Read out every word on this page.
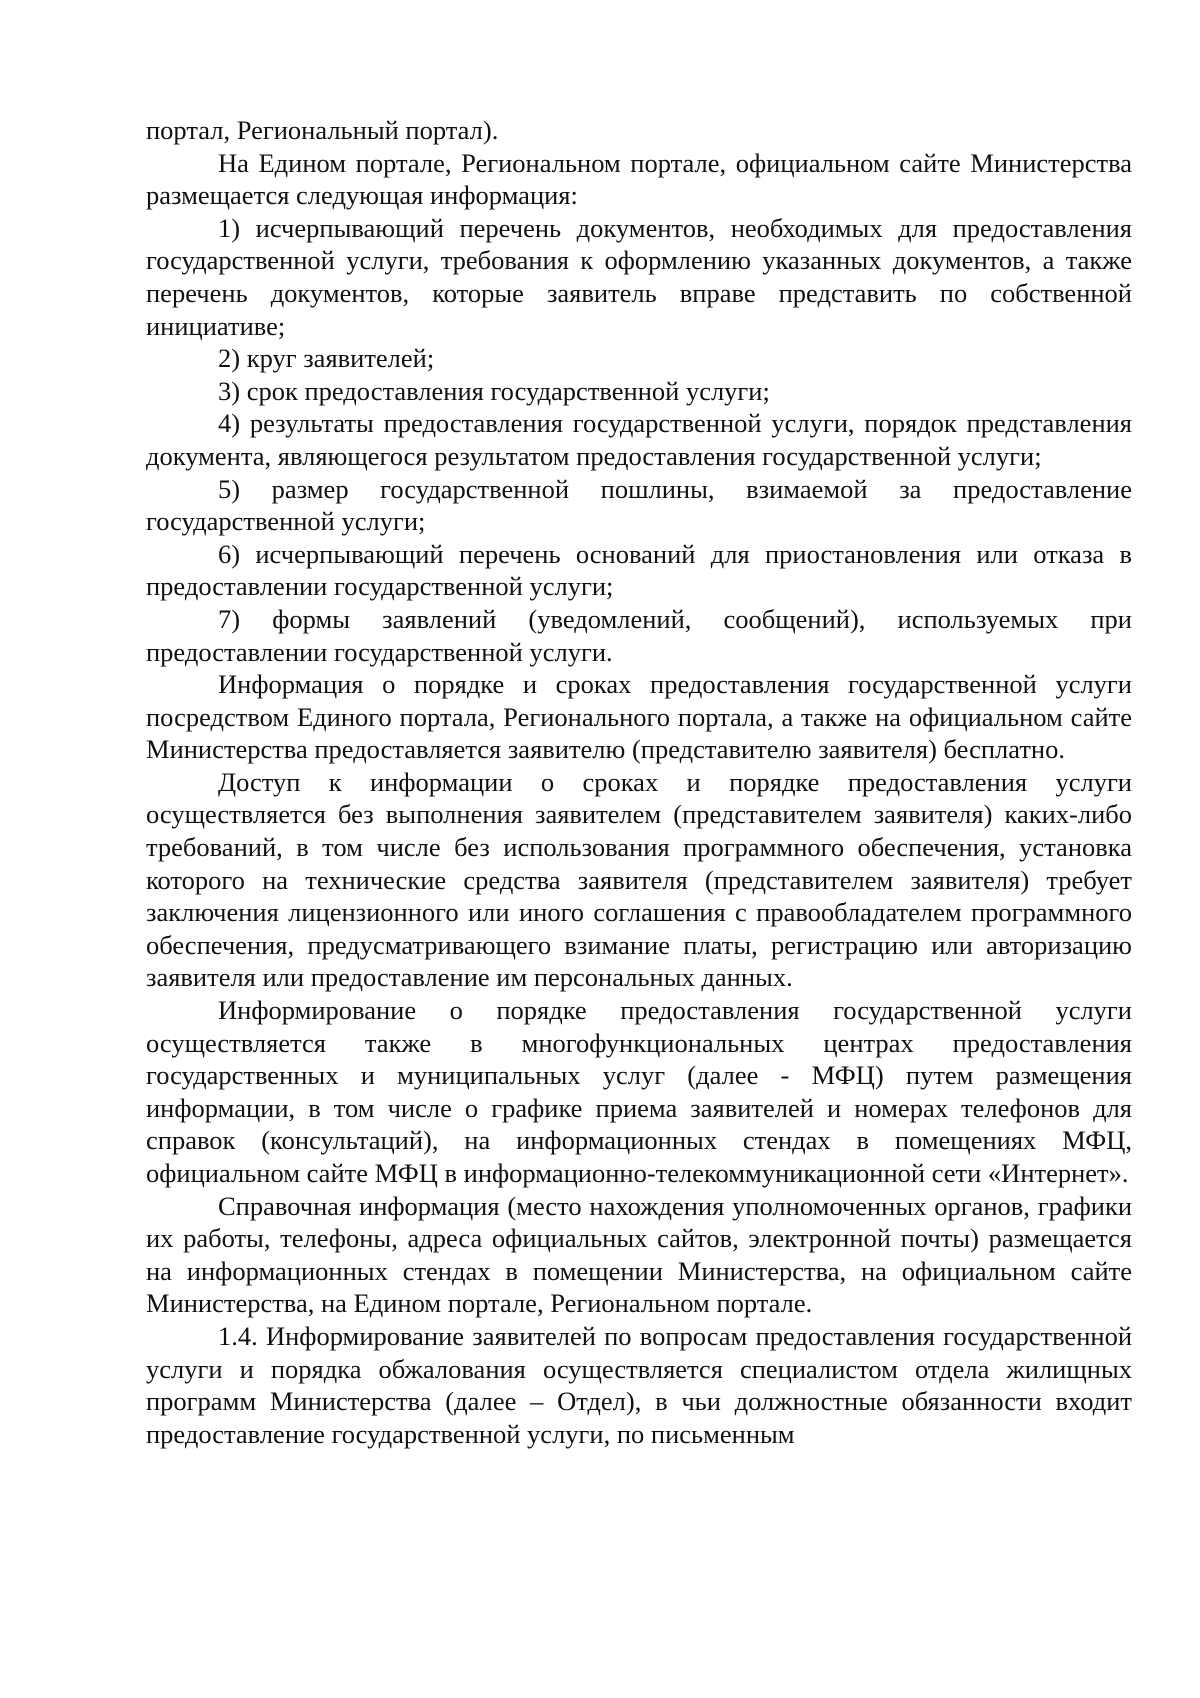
портал, Региональный портал).

На Едином портале, Региональном портале, официальном сайте Министерства размещается следующая информация:

1) исчерпывающий перечень документов, необходимых для предоставления государственной услуги, требования к оформлению указанных документов, а также перечень документов, которые заявитель вправе представить по собственной инициативе;

2) круг заявителей;

3) срок предоставления государственной услуги;

4) результаты предоставления государственной услуги, порядок представления документа, являющегося результатом предоставления государственной услуги;

5) размер государственной пошлины, взимаемой за предоставление государственной услуги;

6) исчерпывающий перечень оснований для приостановления или отказа в предоставлении государственной услуги;

7) формы заявлений (уведомлений, сообщений), используемых при предоставлении государственной услуги.

Информация о порядке и сроках предоставления государственной услуги посредством Единого портала, Регионального портала, а также на официальном сайте Министерства предоставляется заявителю (представителю заявителя) бесплатно.

Доступ к информации о сроках и порядке предоставления услуги осуществляется без выполнения заявителем (представителем заявителя) каких-либо требований, в том числе без использования программного обеспечения, установка которого на технические средства заявителя (представителем заявителя) требует заключения лицензионного или иного соглашения с правообладателем программного обеспечения, предусматривающего взимание платы, регистрацию или авторизацию заявителя или предоставление им персональных данных.

Информирование о порядке предоставления государственной услуги осуществляется также в многофункциональных центрах предоставления государственных и муниципальных услуг (далее - МФЦ) путем размещения информации, в том числе о графике приема заявителей и номерах телефонов для справок (консультаций), на информационных стендах в помещениях МФЦ, официальном сайте МФЦ в информационно-телекоммуникационной сети «Интернет».

Справочная информация (место нахождения уполномоченных органов, графики их работы, телефоны, адреса официальных сайтов, электронной почты) размещается на информационных стендах в помещении Министерства, на официальном сайте Министерства, на Едином портале, Региональном портале.

1.4. Информирование заявителей по вопросам предоставления государственной услуги и порядка обжалования осуществляется специалистом отдела жилищных программ Министерства (далее – Отдел), в чьи должностные обязанности входит предоставление государственной услуги, по письменным
